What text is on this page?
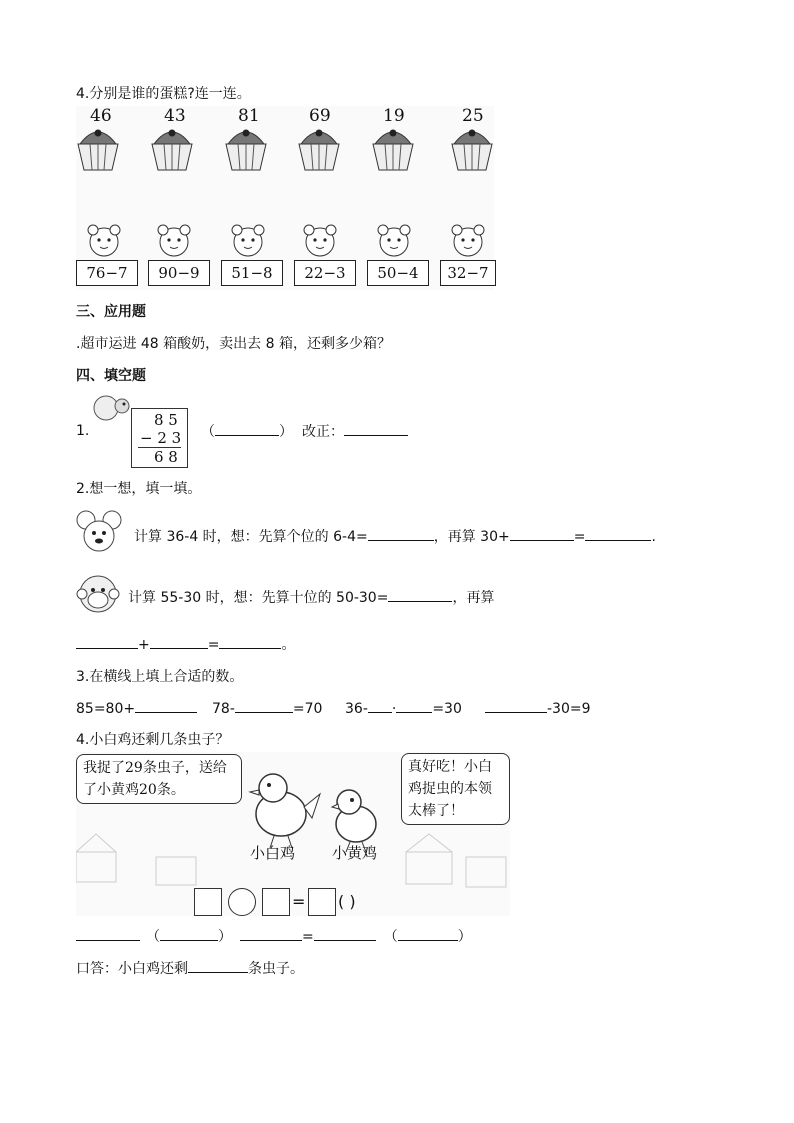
4.分别是谁的蛋糕?连一连。
46	43	81	69	19	25
76−7	90−9	51−8	22−3	50−4	32−7
三、应用题
.超市运进 48 箱酸奶，卖出去 8 箱，还剩多少箱？
四、填空题
1.
8 5
− 2 3
6 8
（	） 改正：
2.想一想，填一填。
计算 36-4 时，想：先算个位的 6-4=	，再算 30+	=	.
计算 55-30 时，想：先算十位的 50-30=	，再算
+	=	。
3.在横线上填上合适的数。
85=80+	78-	=70 36- ·	=30	-30=9
4.小白鸡还剩几条虫子？
我捉了29条虫子，送给了小黄鸡20条。
真好吃！小白鸡捉虫的本领太棒了！
小白鸡 小黄鸡
= ( )
（	）	=	（	）
口答：小白鸡还剩	条虫子。
